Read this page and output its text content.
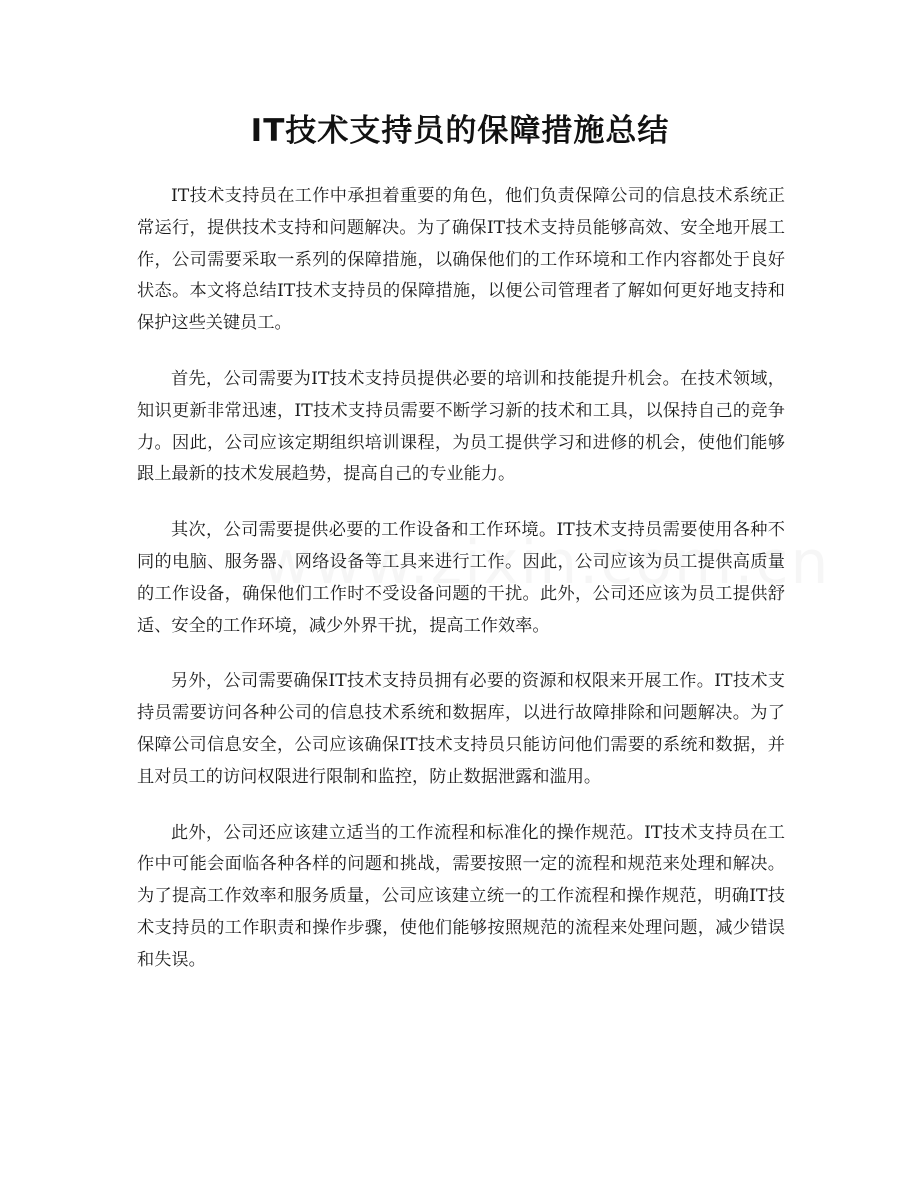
IT技术支持员的保障措施总结

IT技术支持员在工作中承担着重要的角色，他们负责保障公司的信息技术系统正常运行，提供技术支持和问题解决。为了确保IT技术支持员能够高效、安全地开展工作，公司需要采取一系列的保障措施，以确保他们的工作环境和工作内容都处于良好状态。本文将总结IT技术支持员的保障措施，以便公司管理者了解如何更好地支持和保护这些关键员工。

首先，公司需要为IT技术支持员提供必要的培训和技能提升机会。在技术领域，知识更新非常迅速，IT技术支持员需要不断学习新的技术和工具，以保持自己的竞争力。因此，公司应该定期组织培训课程，为员工提供学习和进修的机会，使他们能够跟上最新的技术发展趋势，提高自己的专业能力。

其次，公司需要提供必要的工作设备和工作环境。IT技术支持员需要使用各种不同的电脑、服务器、网络设备等工具来进行工作。因此，公司应该为员工提供高质量的工作设备，确保他们工作时不受设备问题的干扰。此外，公司还应该为员工提供舒适、安全的工作环境，减少外界干扰，提高工作效率。

另外，公司需要确保IT技术支持员拥有必要的资源和权限来开展工作。IT技术支持员需要访问各种公司的信息技术系统和数据库，以进行故障排除和问题解决。为了保障公司信息安全，公司应该确保IT技术支持员只能访问他们需要的系统和数据，并且对员工的访问权限进行限制和监控，防止数据泄露和滥用。

此外，公司还应该建立适当的工作流程和标准化的操作规范。IT技术支持员在工作中可能会面临各种各样的问题和挑战，需要按照一定的流程和规范来处理和解决。为了提高工作效率和服务质量，公司应该建立统一的工作流程和操作规范，明确IT技术支持员的工作职责和操作步骤，使他们能够按照规范的流程来处理问题，减少错误和失误。
